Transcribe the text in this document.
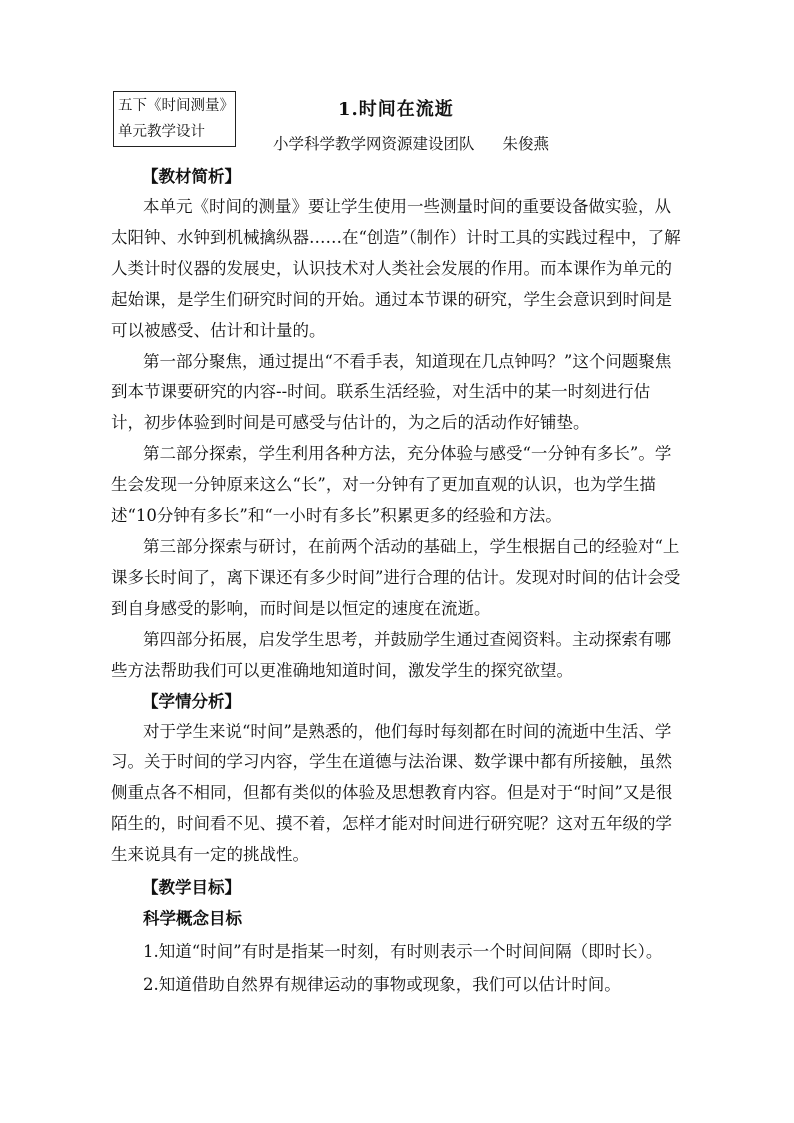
五下《时间测量》
单元教学设计
1.时间在流逝
小学科学教学网资源建设团队 朱俊燕
【教材简析】
本单元《时间的测量》要让学生使用一些测量时间的重要设备做实验，从太阳钟、水钟到机械擒纵器……在“创造”（制作）计时工具的实践过程中，了解人类计时仪器的发展史，认识技术对人类社会发展的作用。而本课作为单元的起始课，是学生们研究时间的开始。通过本节课的研究，学生会意识到时间是可以被感受、估计和计量的。
第一部分聚焦，通过提出“不看手表，知道现在几点钟吗？”这个问题聚焦到本节课要研究的内容--时间。联系生活经验，对生活中的某一时刻进行估计，初步体验到时间是可感受与估计的，为之后的活动作好铺垫。
第二部分探索，学生利用各种方法，充分体验与感受“一分钟有多长”。学生会发现一分钟原来这么“长”，对一分钟有了更加直观的认识，也为学生描述“10分钟有多长”和“一小时有多长”积累更多的经验和方法。
第三部分探索与研讨，在前两个活动的基础上，学生根据自己的经验对“上课多长时间了，离下课还有多少时间”进行合理的估计。发现对时间的估计会受到自身感受的影响，而时间是以恒定的速度在流逝。
第四部分拓展，启发学生思考，并鼓励学生通过查阅资料。主动探索有哪些方法帮助我们可以更准确地知道时间，激发学生的探究欲望。
【学情分析】
对于学生来说“时间”是熟悉的，他们每时每刻都在时间的流逝中生活、学习。关于时间的学习内容，学生在道德与法治课、数学课中都有所接触，虽然侧重点各不相同，但都有类似的体验及思想教育内容。但是对于“时间”又是很陌生的，时间看不见、摸不着，怎样才能对时间进行研究呢？这对五年级的学生来说具有一定的挑战性。
【教学目标】
科学概念目标
1.知道“时间”有时是指某一时刻，有时则表示一个时间间隔（即时长）。
2.知道借助自然界有规律运动的事物或现象，我们可以估计时间。
